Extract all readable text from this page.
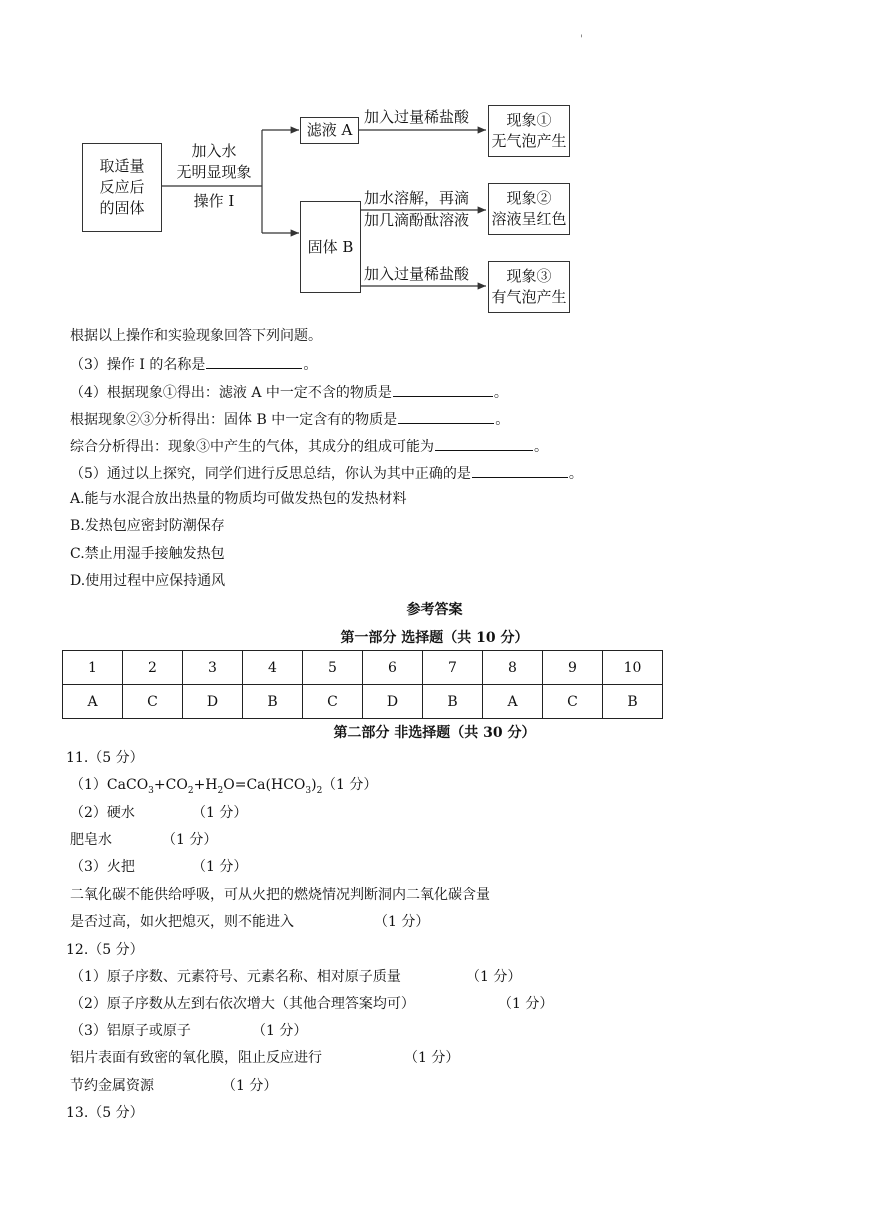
'
取适量
反应后
的固体
加入水
无明显现象
操作 I
滤液 A
固体 B
加入过量稀盐酸
加水溶解，再滴
加几滴酚酞溶液
加入过量稀盐酸
现象①
无气泡产生
现象②
溶液呈红色
现象③
有气泡产生
根据以上操作和实验现象回答下列问题。
（3）操作 I 的名称是	。
（4）根据现象①得出：滤液 A 中一定不含的物质是	。
根据现象②③分析得出：固体 B 中一定含有的物质是	。
综合分析得出：现象③中产生的气体，其成分的组成可能为	。
（5）通过以上探究，同学们进行反思总结，你认为其中正确的是	。
A.能与水混合放出热量的物质均可做发热包的发热材料
B.发热包应密封防潮保存
C.禁止用湿手接触发热包
D.使用过程中应保持通风
参考答案
第一部分 选择题（共 10 分）
1	2	3	4	5	6	7	8	9	10
A	C	D	B	C	D	B	A	C	B
第二部分 非选择题（共 30 分）
11.（5 分）
$(1)CaCO_3+CO_2+H_2O=Ca(HCO_3)_2$ （1 分）
（2）硬水	（1 分）
肥皂水	（1 分）
（3）火把	（1 分）
二氧化碳不能供给呼吸，可从火把的燃烧情况判断洞内二氧化碳含量
是否过高，如火把熄灭，则不能进入	（1 分）
12.（5 分）
（1）原子序数、元素符号、元素名称、相对原子质量	（1 分）
（2）原子序数从左到右依次增大（其他合理答案均可）	（1 分）
（3）铝原子或原子	（1 分）
铝片表面有致密的氧化膜，阻止反应进行	（1 分）
节约金属资源	（1 分）
13.（5 分）
